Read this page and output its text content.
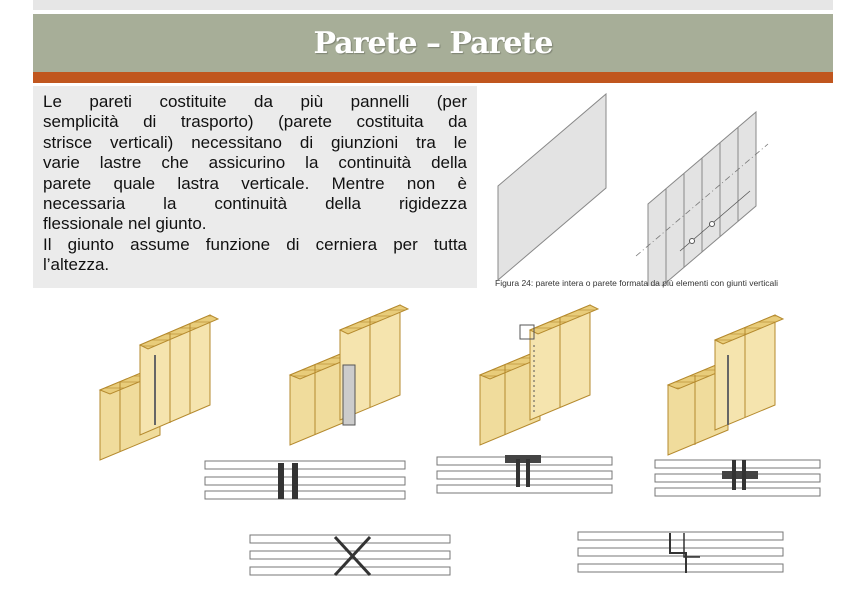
Parete – Parete

Le pareti costituite da più pannelli (per

semplicità di trasporto) (parete costituita da

strisce verticali) necessitano di giunzioni tra le

varie lastre che assicurino la continuità della

parete quale lastra verticale. Mentre non è

necessaria la continuità della rigidezza

flessionale nel giunto.

Il giunto assume funzione di cerniera per tutta

l’altezza.

Figura 24: parete intera o parete formata da più elementi con giunti verticali
